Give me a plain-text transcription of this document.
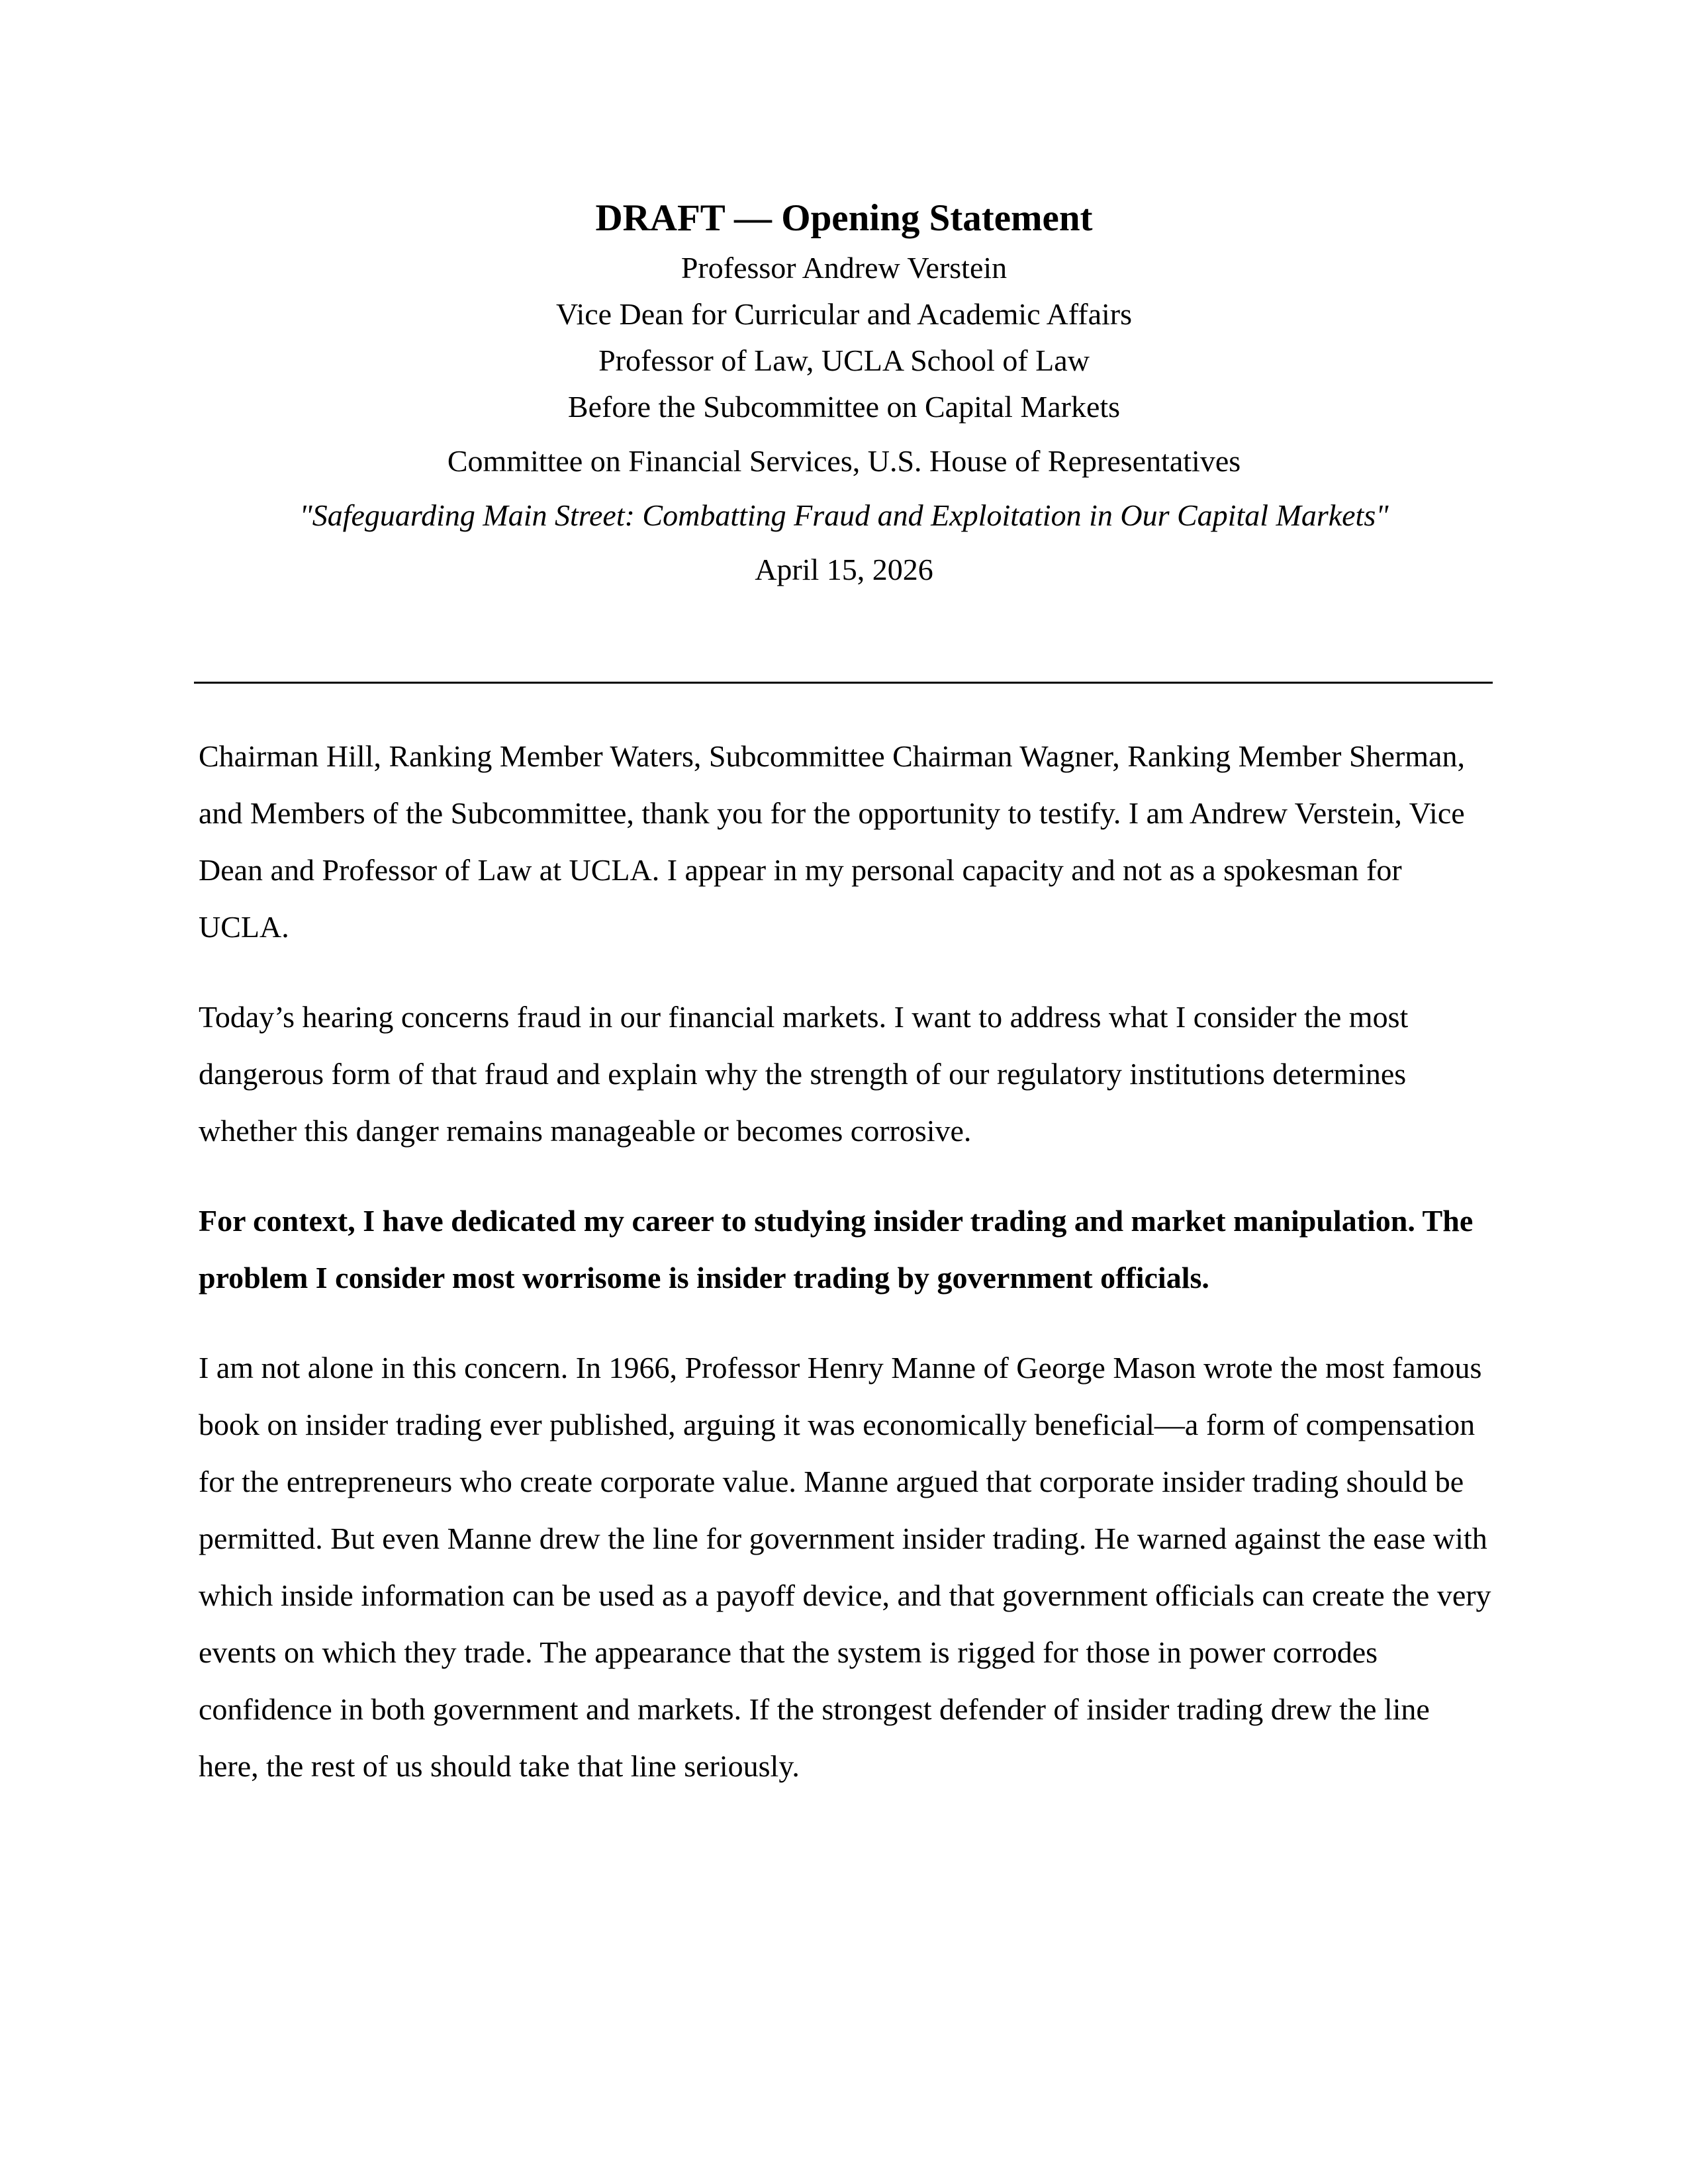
DRAFT — Opening Statement

Professor Andrew Verstein

Vice Dean for Curricular and Academic Affairs

Professor of Law, UCLA School of Law

Before the Subcommittee on Capital Markets

Committee on Financial Services, U.S. House of Representatives

"Safeguarding Main Street: Combatting Fraud and Exploitation in Our Capital Markets"

April 15, 2026

Chairman Hill, Ranking Member Waters, Subcommittee Chairman Wagner, Ranking Member Sherman, and Members of the Subcommittee, thank you for the opportunity to testify. I am Andrew Verstein, Vice Dean and Professor of Law at UCLA. I appear in my personal capacity and not as a spokesman for UCLA.

Today’s hearing concerns fraud in our financial markets. I want to address what I consider the most dangerous form of that fraud and explain why the strength of our regulatory institutions determines whether this danger remains manageable or becomes corrosive.

For context, I have dedicated my career to studying insider trading and market manipulation. The problem I consider most worrisome is insider trading by government officials.

I am not alone in this concern. In 1966, Professor Henry Manne of George Mason wrote the most famous book on insider trading ever published, arguing it was economically beneficial—a form of compensation for the entrepreneurs who create corporate value. Manne argued that corporate insider trading should be permitted. But even Manne drew the line for government insider trading. He warned against the ease with which inside information can be used as a payoff device, and that government officials can create the very events on which they trade. The appearance that the system is rigged for those in power corrodes confidence in both government and markets. If the strongest defender of insider trading drew the line here, the rest of us should take that line seriously.
